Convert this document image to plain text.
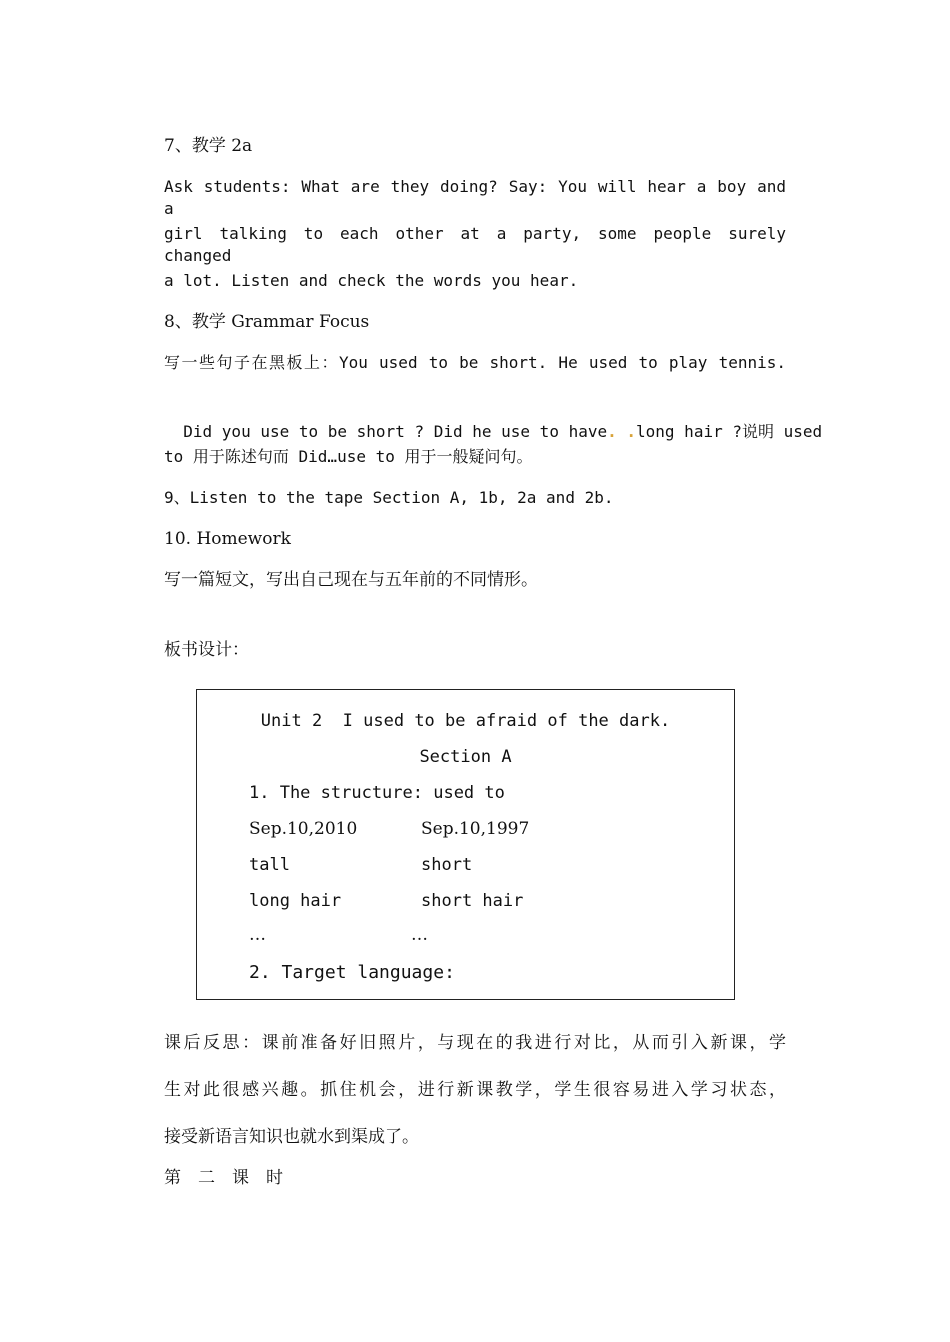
7、教学 2a
Ask students: What are they doing? Say: You will hear a boy and a
girl talking to each other at a party, some people surely changed
a lot. Listen and check the words you hear.
8、教学 Grammar Focus
写一些句子在黑板上：You used to be short. He used to play tennis.

Did you use to be short ? Did he use to have. .long hair ?说明 used

to 用于陈述句而 Did…use to 用于一般疑问句。
9、Listen to the tape Section A, 1b, 2a and 2b.
10. Homework
写一篇短文，写出自己现在与五年前的不同情形。
板书设计：
Unit 2  I used to be afraid of the dark.
Section A
1. The structure: used to
Sep.10,2010	Sep.10,1997
tall	short
long hair	short hair
…	…
2. Target language:
课后反思：课前准备好旧照片，与现在的我进行对比，从而引入新课，学
生对此很感兴趣。抓住机会，进行新课教学，学生很容易进入学习状态，
接受新语言知识也就水到渠成了。
第　二　课　时
